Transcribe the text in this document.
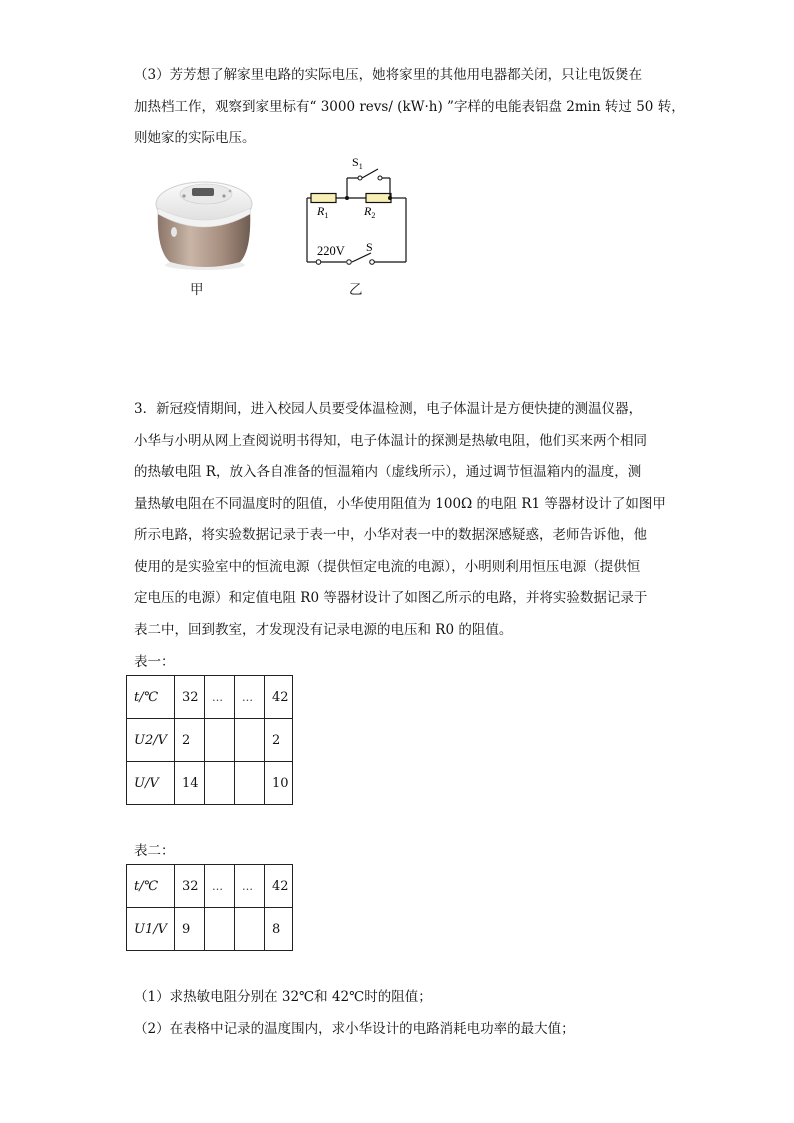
（3）芳芳想了解家里电路的实际电压，她将家里的其他用电器都关闭，只让电饭煲在
加热档工作，观察到家里标有“ 3000 revs/ (kW·h) ”字样的电能表铝盘 2min 转过 50 转，
则她家的实际电压。
甲
$S_1$
$R_1$	$R_2$
220V S
乙
3．新冠疫情期间，进入校园人员要受体温检测，电子体温计是方便快捷的测温仪器，
小华与小明从网上查阅说明书得知，电子体温计的探测是热敏电阻，他们买来两个相同
的热敏电阻 R，放入各自准备的恒温箱内（虚线所示），通过调节恒温箱内的温度，测
量热敏电阻在不同温度时的阻值，小华使用阻值为 100Ω 的电阻 R1 等器材设计了如图甲
所示电路，将实验数据记录于表一中，小华对表一中的数据深感疑惑，老师告诉他，他
使用的是实验室中的恒流电源（提供恒定电流的电源），小明则利用恒压电源（提供恒
定电压的电源）和定值电阻 R0 等器材设计了如图乙所示的电路，并将实验数据记录于
表二中，回到教室，才发现没有记录电源的电压和 R0 的阻值。
表一：
t/℃	32	…	…	42
U2/V	2			2
U/V	14			10
表二：
t/℃	32	…	…	42
U1/V	9			8
（1）求热敏电阻分别在 32℃和 42℃时的阻值；
（2）在表格中记录的温度围内，求小华设计的电路消耗电功率的最大值；
